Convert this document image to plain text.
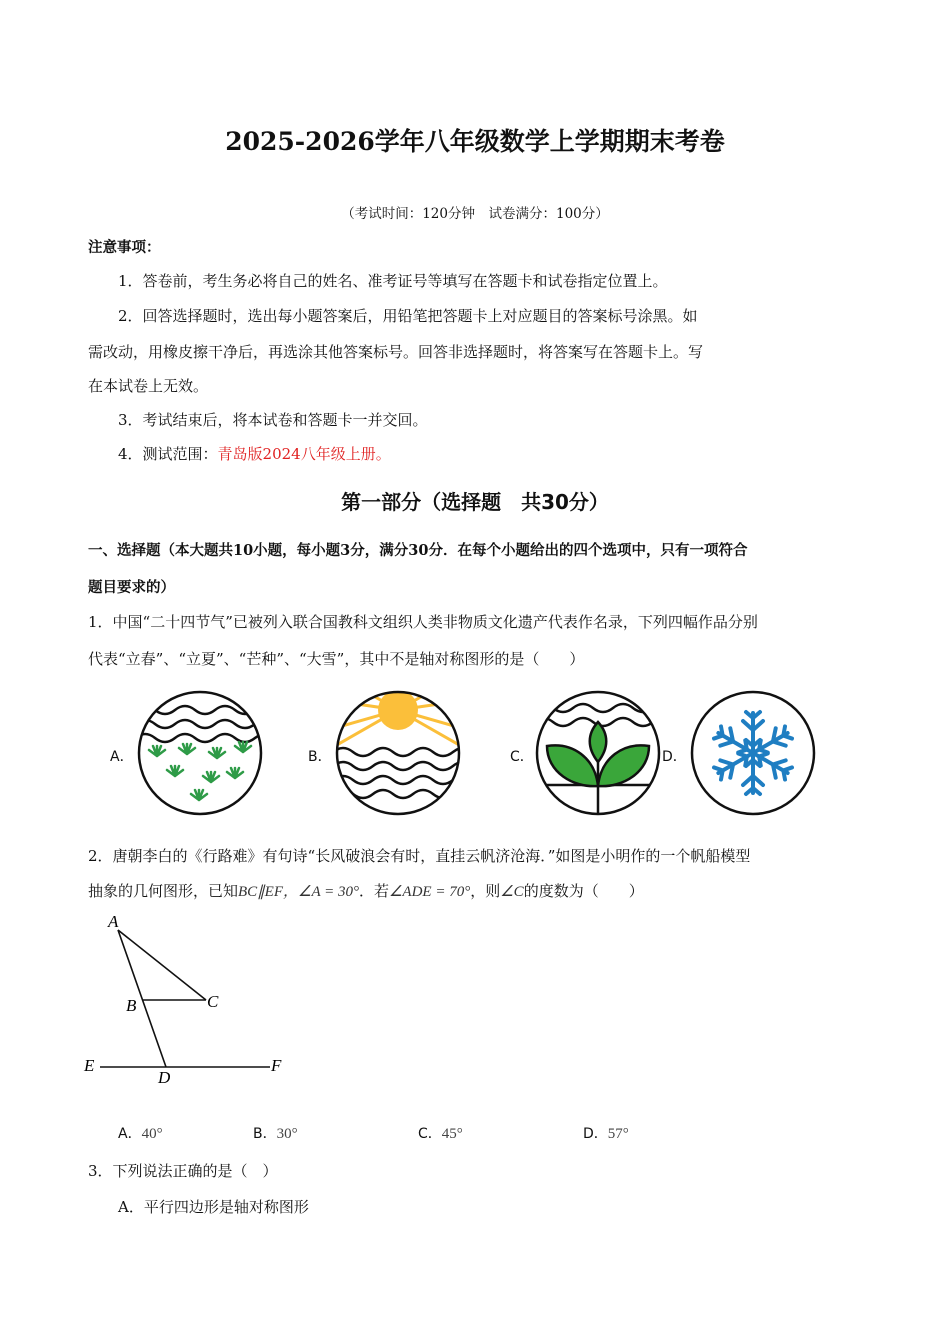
2025-2026学年八年级数学上学期期末考卷
（考试时间：120分钟　试卷满分：100分）
注意事项：
1．答卷前，考生务必将自己的姓名、准考证号等填写在答题卡和试卷指定位置上。
2．回答选择题时，选出每小题答案后，用铅笔把答题卡上对应题目的答案标号涂黑。如
需改动，用橡皮擦干净后，再选涂其他答案标号。回答非选择题时，将答案写在答题卡上。写
在本试卷上无效。
3．考试结束后，将本试卷和答题卡一并交回。
4．测试范围：青岛版2024八年级上册。
第一部分（选择题　共30分）
一、选择题（本大题共10小题，每小题3分，满分30分．在每个小题给出的四个选项中，只有一项符合
题目要求的）
1．中国“二十四节气”已被列入联合国教科文组织人类非物质文化遗产代表作名录，下列四幅作品分别
代表“立春”、“立夏”、“芒种”、“大雪”，其中不是轴对称图形的是（　　）
A．	B．	C．	D．
2．唐朝李白的《行路难》有句诗“长风破浪会有时，直挂云帆济沧海．”如图是小明作的一个帆船模型
抽象的几何图形，已知BC∥EF，∠A = 30°．若∠ADE = 70°，则∠C的度数为（　　）
A
B	C
D
E	F
A．40°	B．30°	C．45°	D．57°
3．下列说法正确的是（　）
A．平行四边形是轴对称图形
